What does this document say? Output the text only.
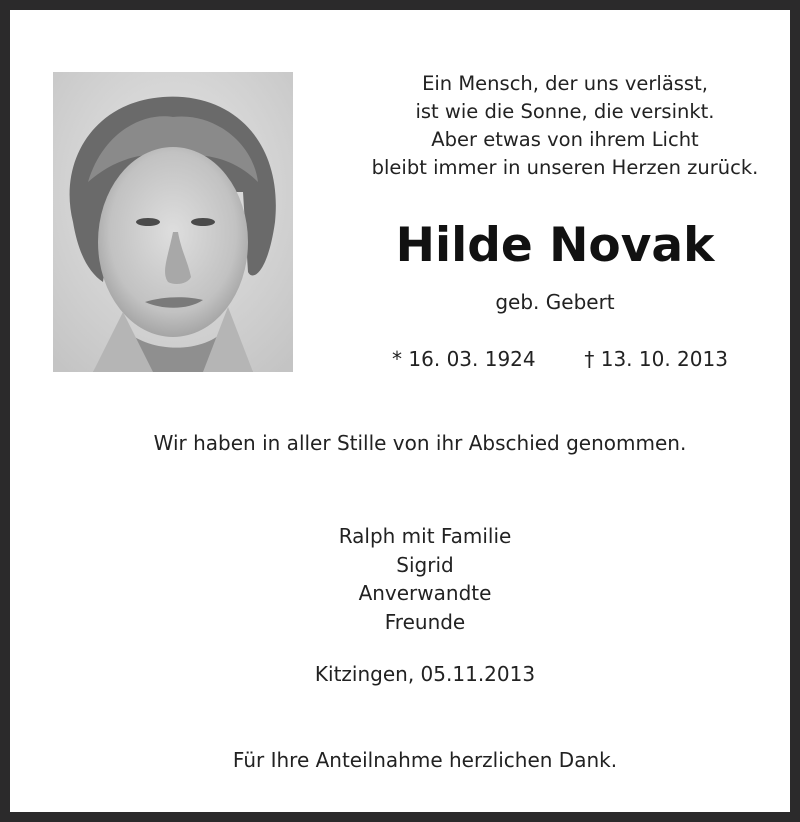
Ein Mensch, der uns verlässt,
ist wie die Sonne, die versinkt.
Aber etwas von ihrem Licht
bleibt immer in unseren Herzen zurück.
Hilde Novak
geb. Gebert
* 16. 03. 1924 † 13. 10. 2013
Wir haben in aller Stille von ihr Abschied genommen.
Ralph mit Familie
Sigrid
Anverwandte
Freunde
Kitzingen, 05.11.2013
Für Ihre Anteilnahme herzlichen Dank.
